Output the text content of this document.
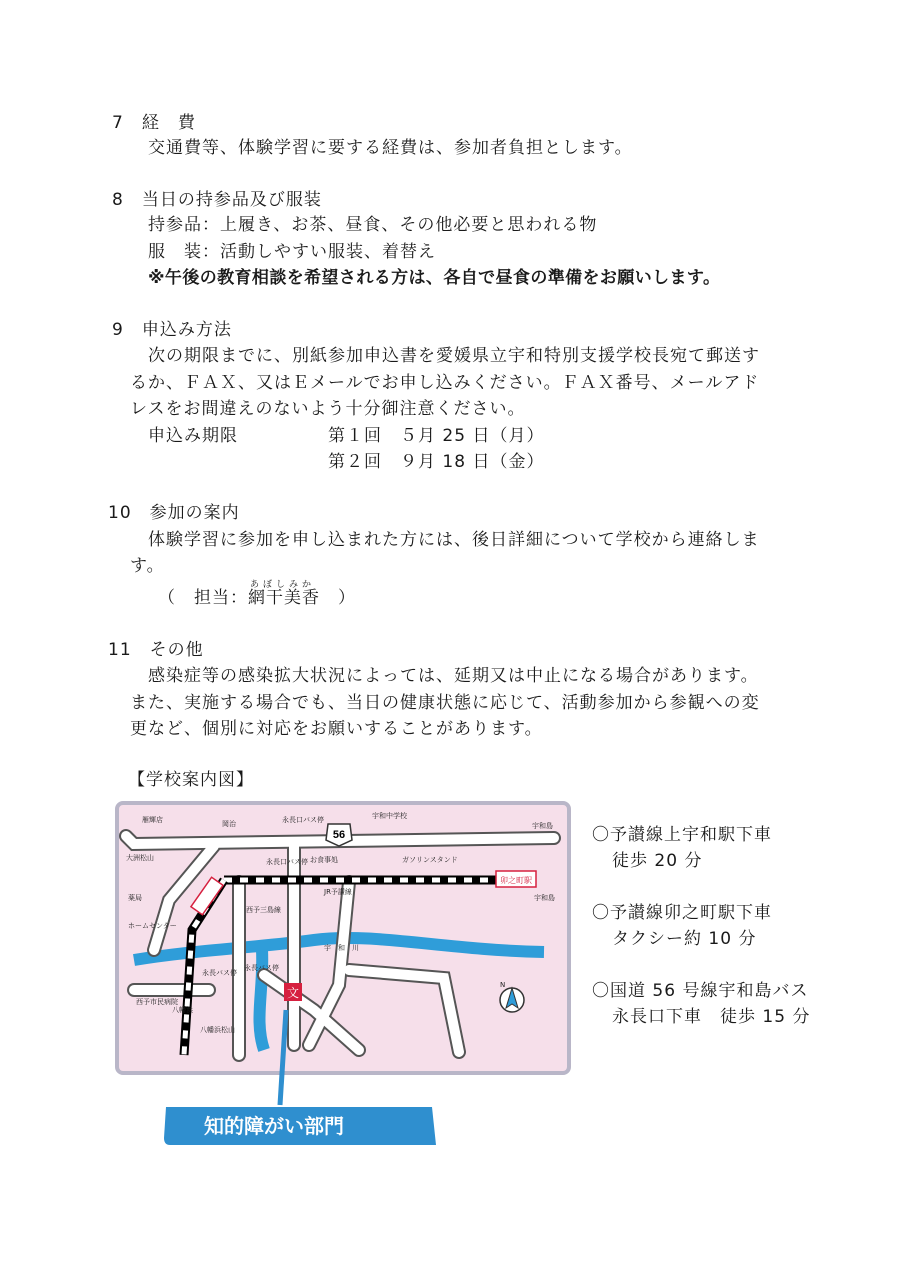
7　経　費
交通費等、体験学習に要する経費は、参加者負担とします。
8　当日の持参品及び服装
持参品：上履き、お茶、昼食、その他必要と思われる物
服　装：活動しやすい服装、着替え
※午後の教育相談を希望される方は、各自で昼食の準備をお願いします。
9　申込み方法
次の期限までに、別紙参加申込書を愛媛県立宇和特別支援学校長宛て郵送す
るか、ＦＡＸ、又はＥメールでお申し込みください。ＦＡＸ番号、メールアド
レスをお間違えのないよう十分御注意ください。
申込み期限	第１回　５月 25 日（月）
第２回　９月 18 日（金）
10　参加の案内
体験学習に参加を申し込まれた方には、後日詳細について学校から連絡しま
す。
あぼしみか
（　担当：網干美香　）
11　その他
感染症等の感染拡大状況によっては、延期又は中止になる場合があります。
また、実施する場合でも、当日の健康状態に応じて、活動参加から参観への変
更など、個別に対応をお願いすることがあります。
【学校案内図】
56
卯之町駅
文
雁輝店	岡治	永長口バス停	宇和中学校
宇和島
大洲松山	永長口バス停 お食事処	ガソリンスタンド
宇和島
JR予讃線
薬局
ホームセンター
西予三島線
宇　和　川
永長バス停
永長バス停
西予市民病院
八幡浜
八幡浜松山
N
知的障がい部門
〇予讃線上宇和駅下車
徒歩 20 分
〇予讃線卯之町駅下車
タクシー約 10 分
〇国道 56 号線宇和島バス
永長口下車　徒歩 15 分
